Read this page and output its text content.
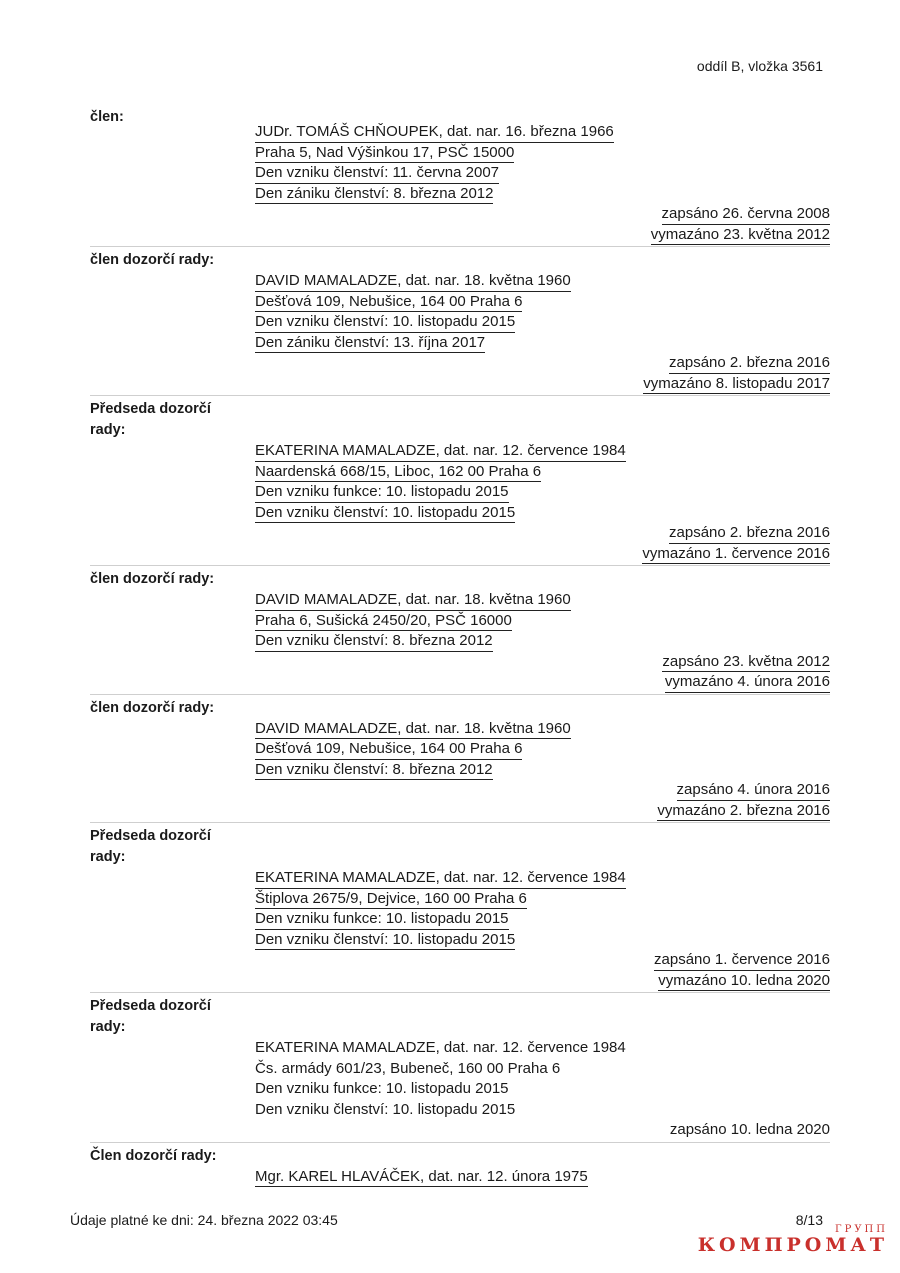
oddíl B, vložka 3561
člen:
JUDr. TOMÁŠ CHŇOUPEK, dat. nar. 16. března 1966
Praha 5, Nad Výšinkou 17, PSČ 15000
Den vzniku členství: 11. června 2007
Den zániku členství: 8. března 2012
zapsáno 26. června 2008
vymazáno 23. května 2012
člen dozorčí rady:
DAVID MAMALADZE, dat. nar. 18. května 1960
Dešťová 109, Nebušice, 164 00 Praha 6
Den vzniku členství: 10. listopadu 2015
Den zániku členství: 13. října 2017
zapsáno 2. března 2016
vymazáno 8. listopadu 2017
Předseda dozorčí rady:
EKATERINA MAMALADZE, dat. nar. 12. července 1984
Naardenská 668/15, Liboc, 162 00 Praha 6
Den vzniku funkce: 10. listopadu 2015
Den vzniku členství: 10. listopadu 2015
zapsáno 2. března 2016
vymazáno 1. července 2016
člen dozorčí rady:
DAVID MAMALADZE, dat. nar. 18. května 1960
Praha 6, Sušická 2450/20, PSČ 16000
Den vzniku členství: 8. března 2012
zapsáno 23. května 2012
vymazáno 4. února 2016
člen dozorčí rady:
DAVID MAMALADZE, dat. nar. 18. května 1960
Dešťová 109, Nebušice, 164 00 Praha 6
Den vzniku členství: 8. března 2012
zapsáno 4. února 2016
vymazáno 2. března 2016
Předseda dozorčí rady:
EKATERINA MAMALADZE, dat. nar. 12. července 1984
Štiplova 2675/9, Dejvice, 160 00 Praha 6
Den vzniku funkce: 10. listopadu 2015
Den vzniku členství: 10. listopadu 2015
zapsáno 1. července 2016
vymazáno 10. ledna 2020
Předseda dozorčí rady:
EKATERINA MAMALADZE, dat. nar. 12. července 1984
Čs. armády 601/23, Bubeneč, 160 00 Praha 6
Den vzniku funkce: 10. listopadu 2015
Den vzniku členství: 10. listopadu 2015
zapsáno 10. ledna 2020
Člen dozorčí rady:
Mgr. KAREL HLAVÁČEK, dat. nar. 12. února 1975
Údaje platné ke dni: 24. března 2022 03:45	8/13
ГРУПП
КОМПРОМАТ
